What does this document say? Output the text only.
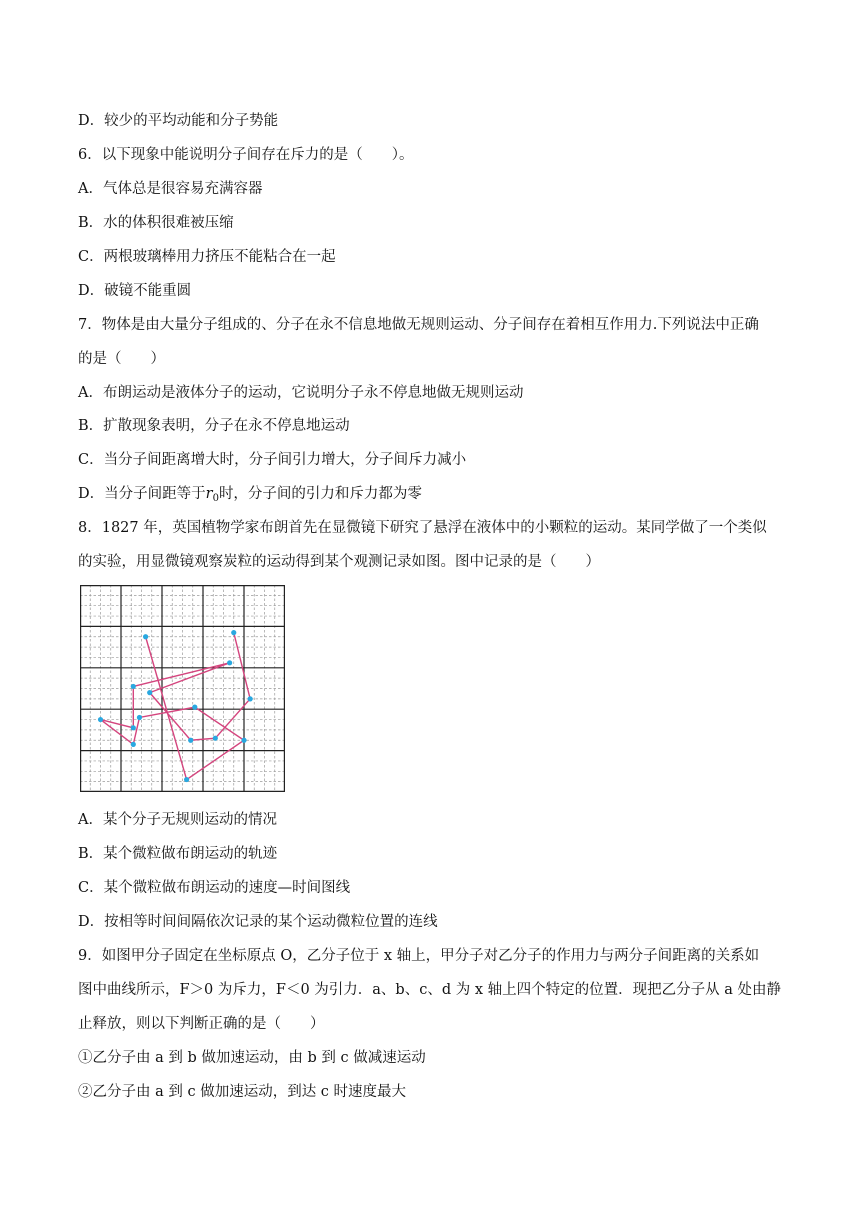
D．较少的平均动能和分子势能
6．以下现象中能说明分子间存在斥力的是（　　）。
A．气体总是很容易充满容器
B．水的体积很难被压缩
C．两根玻璃棒用力挤压不能粘合在一起
D．破镜不能重圆
7．物体是由大量分子组成的、分子在永不信息地做无规则运动、分子间存在着相互作用力.下列说法中正确
的是（　　）
A．布朗运动是液体分子的运动，它说明分子永不停息地做无规则运动
B．扩散现象表明，分子在永不停息地运动
C．当分子间距离增大时，分子间引力增大，分子间斥力减小
D．当分子间距等于$r_0$时，分子间的引力和斥力都为零
8．1827 年，英国植物学家布朗首先在显微镜下研究了悬浮在液体中的小颗粒的运动。某同学做了一个类似
的实验，用显微镜观察炭粒的运动得到某个观测记录如图。图中记录的是（　　）
A．某个分子无规则运动的情况
B．某个微粒做布朗运动的轨迹
C．某个微粒做布朗运动的速度—时间图线
D．按相等时间间隔依次记录的某个运动微粒位置的连线
9．如图甲分子固定在坐标原点 O，乙分子位于 x 轴上，甲分子对乙分子的作用力与两分子间距离的关系如
图中曲线所示，F＞0 为斥力，F＜0 为引力．a、b、c、d 为 x 轴上四个特定的位置．现把乙分子从 a 处由静
止释放，则以下判断正确的是（　　）
①乙分子由 a 到 b 做加速运动，由 b 到 c 做减速运动
②乙分子由 a 到 c 做加速运动，到达 c 时速度最大
